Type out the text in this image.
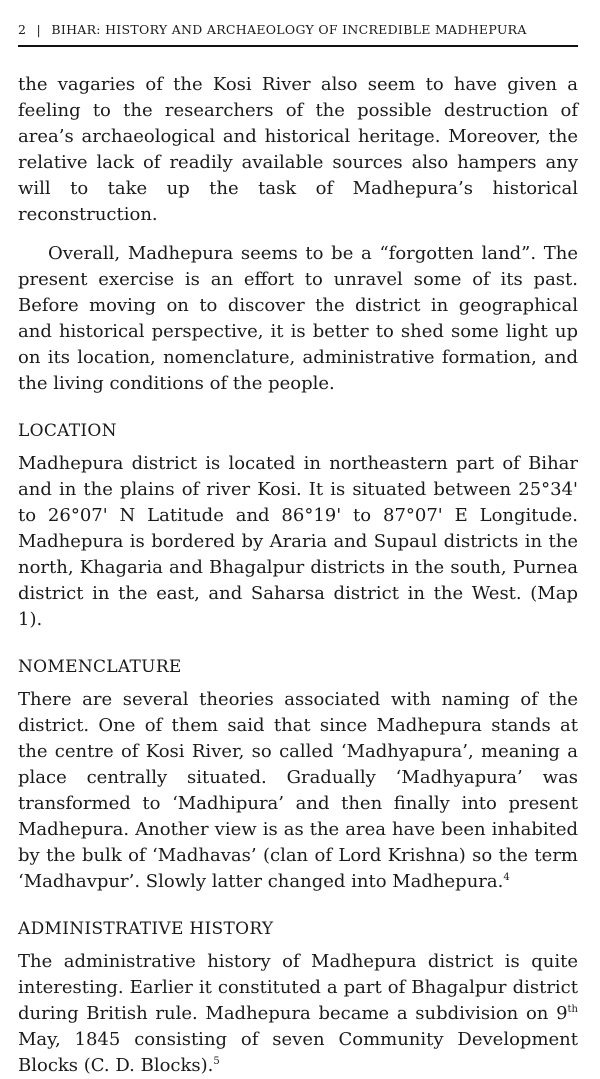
2 | BIHAR: HISTORY AND ARCHAEOLOGY OF INCREDIBLE MADHEPURA

the vagaries of the Kosi River also seem to have given a feeling to the researchers of the possible destruction of area’s archaeological and historical heritage. Moreover, the relative lack of readily available sources also hampers any will to take up the task of Madhepura’s historical reconstruction.

Overall, Madhepura seems to be a “forgotten land”. The present exercise is an effort to unravel some of its past. Before moving on to discover the district in geographical and historical perspective, it is better to shed some light up on its location, nomenclature, administrative formation, and the living conditions of the people.

LOCATION

Madhepura district is located in northeastern part of Bihar and in the plains of river Kosi. It is situated between 25°34' to 26°07' N Latitude and 86°19' to 87°07' E Longitude. Madhepura is bordered by Araria and Supaul districts in the north, Khagaria and Bhagalpur districts in the south, Purnea district in the east, and Saharsa district in the West. (Map 1).

NOMENCLATURE

There are several theories associated with naming of the district. One of them said that since Madhepura stands at the centre of Kosi River, so called ‘Madhyapura’, meaning a place centrally situated. Gradually ‘Madhyapura’ was transformed to ‘Madhipura’ and then finally into present Madhepura. Another view is as the area have been inhabited by the bulk of ‘Madhavas’ (clan of Lord Krishna) so the term ‘Madhavpur’. Slowly latter changed into Madhepura.$^4$

ADMINISTRATIVE HISTORY

The administrative history of Madhepura district is quite interesting. Earlier it constituted a part of Bhagalpur district during British rule. Madhepura became a subdivision on 9th May, 1845 consisting of seven Community Development Blocks (C. D. Blocks).$^5$
